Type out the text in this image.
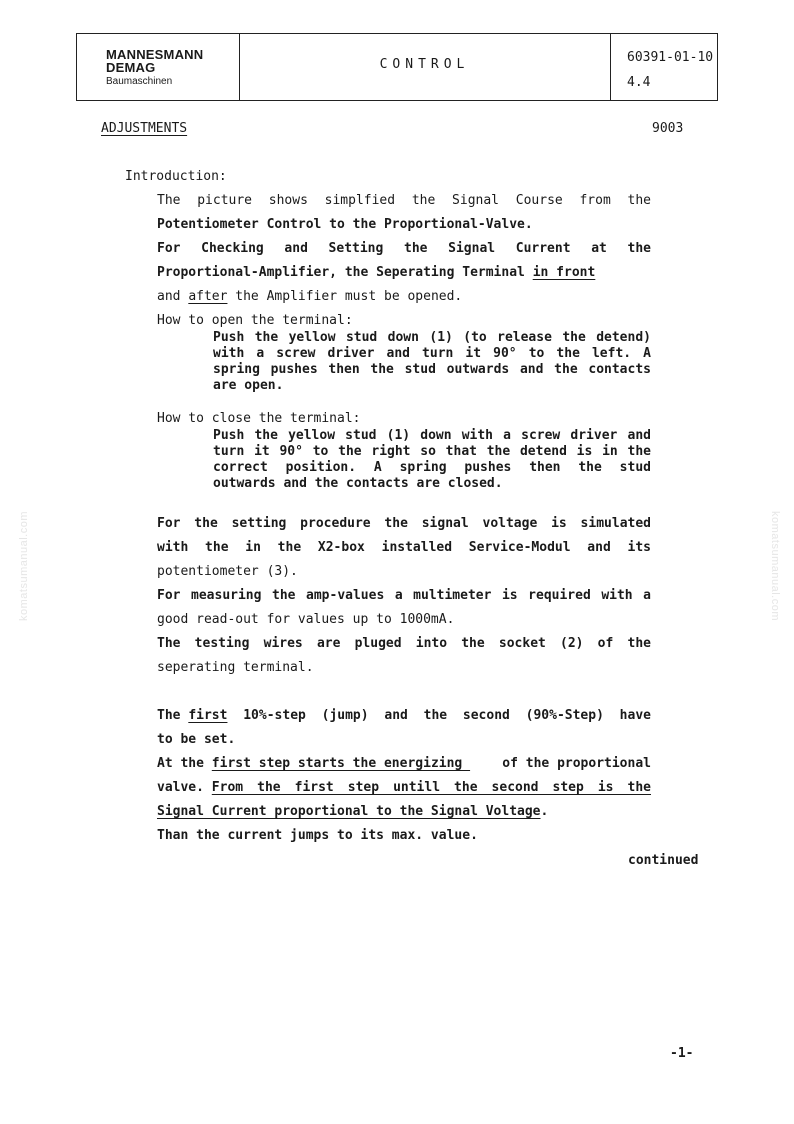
MANNESMANN
DEMAG
Baumaschinen
CONTROL	60391-01-10
4.4
ADJUSTMENTS	9003
Introduction:
The picture shows simplfied the Signal Course from the
Potentiometer Control to the Proportional-Valve.
For Checking and Setting the Signal Current at the
Proportional-Amplifier, the Seperating Terminal in front
and after the Amplifier must be opened.
How to open the terminal:
Push the yellow stud down (1) (to release the detend)
with a screw driver and turn it 90° to the left. A
spring pushes then the stud outwards and the contacts
are open.
How to close the terminal:
Push the yellow stud (1) down with a screw driver and
turn it 90° to the right so that the detend is in the
correct position. A spring pushes then the stud
outwards and the contacts are closed.
For the setting procedure the signal voltage is simulated
with the in the X2-box installed Service-Modul and its
potentiometer (3).
For measuring the amp-values a multimeter is required with a
good read-out for values up to 1000mA.
The testing wires are pluged into the socket (2) of the
seperating terminal.
The first 10%-step (jump) and the second (90%-Step) have
to be set.
At the first step starts the energizing	of the proportional
valve. From the first step untill the second step is the
Signal Current proportional to the Signal Voltage.
Than the current jumps to its max. value.
continued
-1-
komatsumanual.com	komatsumanual.com
